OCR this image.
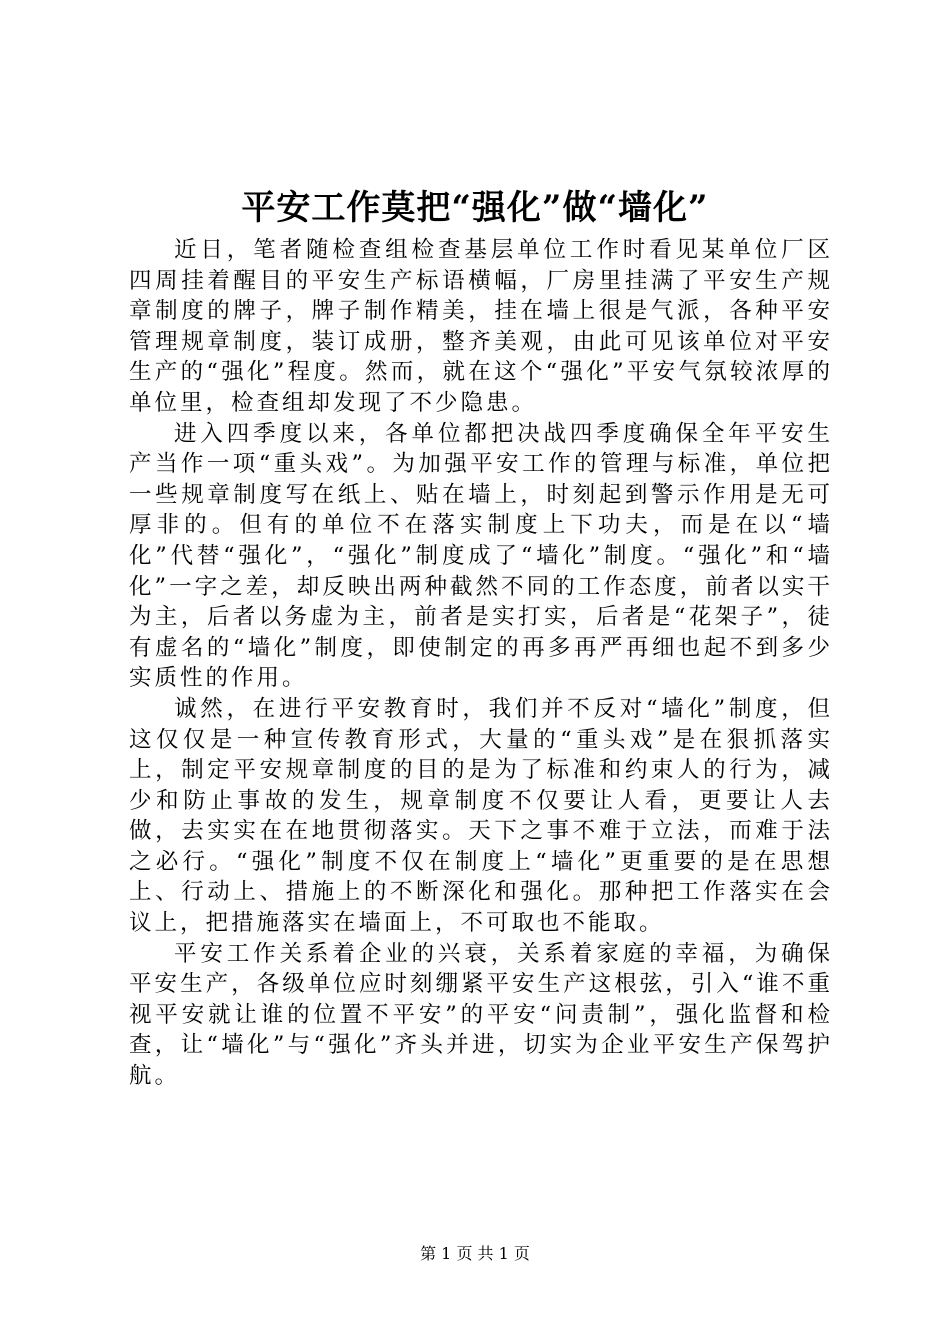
平安工作莫把“强化”做“墙化”

近日，笔者随检查组检查基层单位工作时看见某单位厂区四周挂着醒目的平安生产标语横幅，厂房里挂满了平安生产规章制度的牌子，牌子制作精美，挂在墙上很是气派，各种平安管理规章制度，装订成册，整齐美观，由此可见该单位对平安生产的“强化”程度。然而，就在这个“强化”平安气氛较浓厚的单位里，检查组却发现了不少隐患。

进入四季度以来，各单位都把决战四季度确保全年平安生产当作一项“重头戏”。为加强平安工作的管理与标准，单位把一些规章制度写在纸上、贴在墙上，时刻起到警示作用是无可厚非的。但有的单位不在落实制度上下功夫，而是在以“墙化”代替“强化”，“强化”制度成了“墙化”制度。“强化”和“墙化”一字之差，却反映出两种截然不同的工作态度，前者以实干为主，后者以务虚为主，前者是实打实，后者是“花架子”，徒有虚名的“墙化”制度，即使制定的再多再严再细也起不到多少实质性的作用。

诚然，在进行平安教育时，我们并不反对“墙化”制度，但这仅仅是一种宣传教育形式，大量的“重头戏”是在狠抓落实上，制定平安规章制度的目的是为了标准和约束人的行为，减少和防止事故的发生，规章制度不仅要让人看，更要让人去做，去实实在在地贯彻落实。天下之事不难于立法，而难于法之必行。“强化”制度不仅在制度上“墙化”更重要的是在思想上、行动上、措施上的不断深化和强化。那种把工作落实在会议上，把措施落实在墙面上，不可取也不能取。

平安工作关系着企业的兴衰，关系着家庭的幸福，为确保平安生产，各级单位应时刻绷紧平安生产这根弦，引入“谁不重视平安就让谁的位置不平安”的平安“问责制”，强化监督和检查，让“墙化”与“强化”齐头并进，切实为企业平安生产保驾护航。

第 1 页 共 1 页
